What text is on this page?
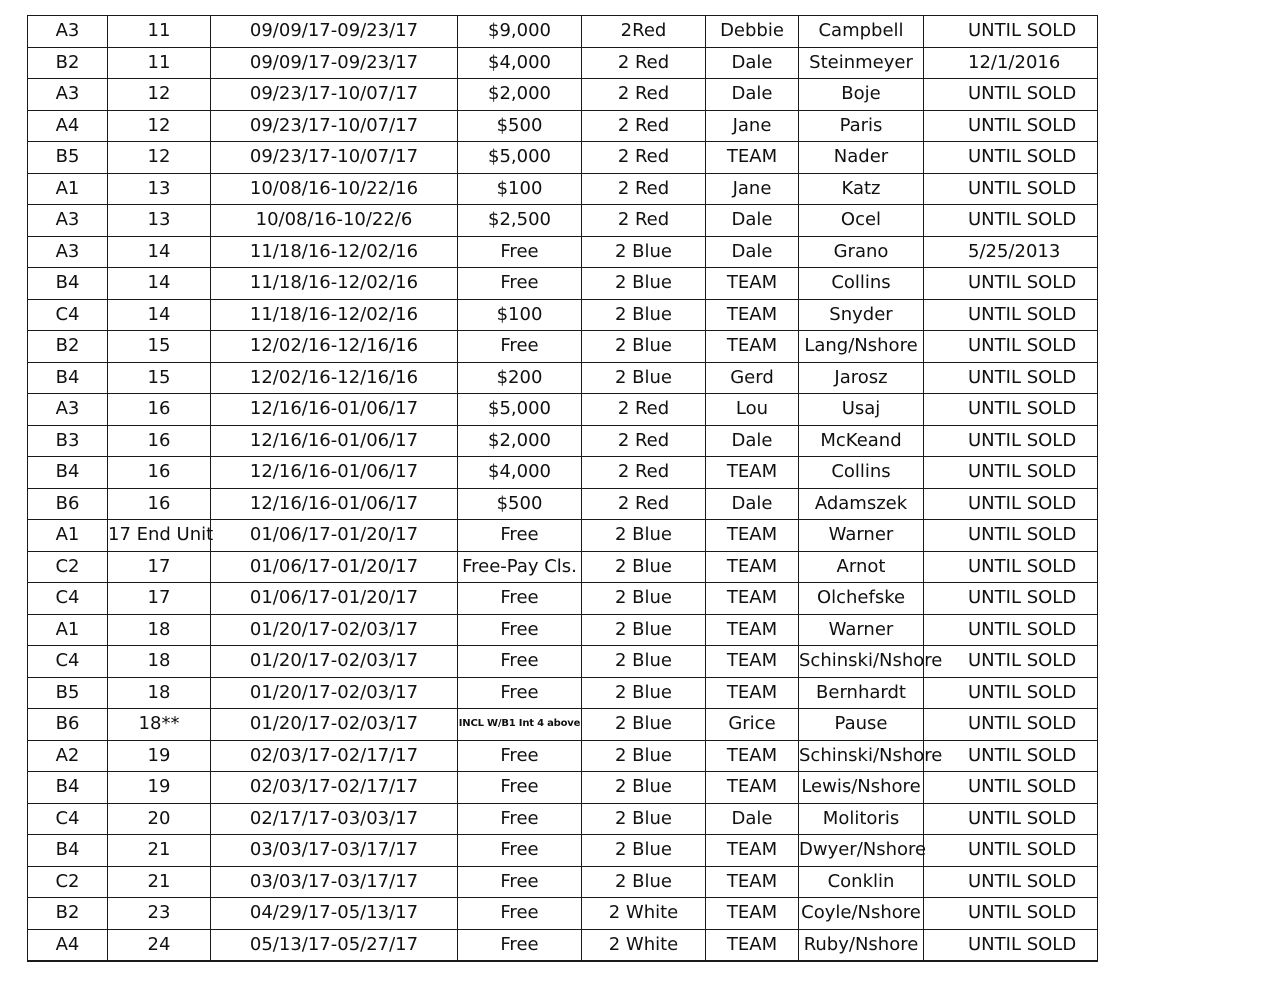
A3	11	09/09/17-09/23/17	$9,000	2Red	Debbie	Campbell	UNTIL SOLD
B2	11	09/09/17-09/23/17	$4,000	2 Red	Dale	Steinmeyer	12/1/2016
A3	12	09/23/17-10/07/17	$2,000	2 Red	Dale	Boje	UNTIL SOLD
A4	12	09/23/17-10/07/17	$500	2 Red	Jane	Paris	UNTIL SOLD
B5	12	09/23/17-10/07/17	$5,000	2 Red	TEAM	Nader	UNTIL SOLD
A1	13	10/08/16-10/22/16	$100	2 Red	Jane	Katz	UNTIL SOLD
A3	13	10/08/16-10/22/6	$2,500	2 Red	Dale	Ocel	UNTIL SOLD
A3	14	11/18/16-12/02/16	Free	2 Blue	Dale	Grano	5/25/2013
B4	14	11/18/16-12/02/16	Free	2 Blue	TEAM	Collins	UNTIL SOLD
C4	14	11/18/16-12/02/16	$100	2 Blue	TEAM	Snyder	UNTIL SOLD
B2	15	12/02/16-12/16/16	Free	2 Blue	TEAM	Lang/Nshore	UNTIL SOLD
B4	15	12/02/16-12/16/16	$200	2 Blue	Gerd	Jarosz	UNTIL SOLD
A3	16	12/16/16-01/06/17	$5,000	2 Red	Lou	Usaj	UNTIL SOLD
B3	16	12/16/16-01/06/17	$2,000	2 Red	Dale	McKeand	UNTIL SOLD
B4	16	12/16/16-01/06/17	$4,000	2 Red	TEAM	Collins	UNTIL SOLD
B6	16	12/16/16-01/06/17	$500	2 Red	Dale	Adamszek	UNTIL SOLD
A1	17 End Unit	01/06/17-01/20/17	Free	2 Blue	TEAM	Warner	UNTIL SOLD
C2	17	01/06/17-01/20/17	Free-Pay Cls.	2 Blue	TEAM	Arnot	UNTIL SOLD
C4	17	01/06/17-01/20/17	Free	2 Blue	TEAM	Olchefske	UNTIL SOLD
A1	18	01/20/17-02/03/17	Free	2 Blue	TEAM	Warner	UNTIL SOLD
C4	18	01/20/17-02/03/17	Free	2 Blue	TEAM	Schinski/Nshore	UNTIL SOLD
B5	18	01/20/17-02/03/17	Free	2 Blue	TEAM	Bernhardt	UNTIL SOLD
B6	18**	01/20/17-02/03/17	INCL W/B1 Int 4 above	2 Blue	Grice	Pause	UNTIL SOLD
A2	19	02/03/17-02/17/17	Free	2 Blue	TEAM	Schinski/Nshore	UNTIL SOLD
B4	19	02/03/17-02/17/17	Free	2 Blue	TEAM	Lewis/Nshore	UNTIL SOLD
C4	20	02/17/17-03/03/17	Free	2 Blue	Dale	Molitoris	UNTIL SOLD
B4	21	03/03/17-03/17/17	Free	2 Blue	TEAM	Dwyer/Nshore	UNTIL SOLD
C2	21	03/03/17-03/17/17	Free	2 Blue	TEAM	Conklin	UNTIL SOLD
B2	23	04/29/17-05/13/17	Free	2 White	TEAM	Coyle/Nshore	UNTIL SOLD
A4	24	05/13/17-05/27/17	Free	2 White	TEAM	Ruby/Nshore	UNTIL SOLD
